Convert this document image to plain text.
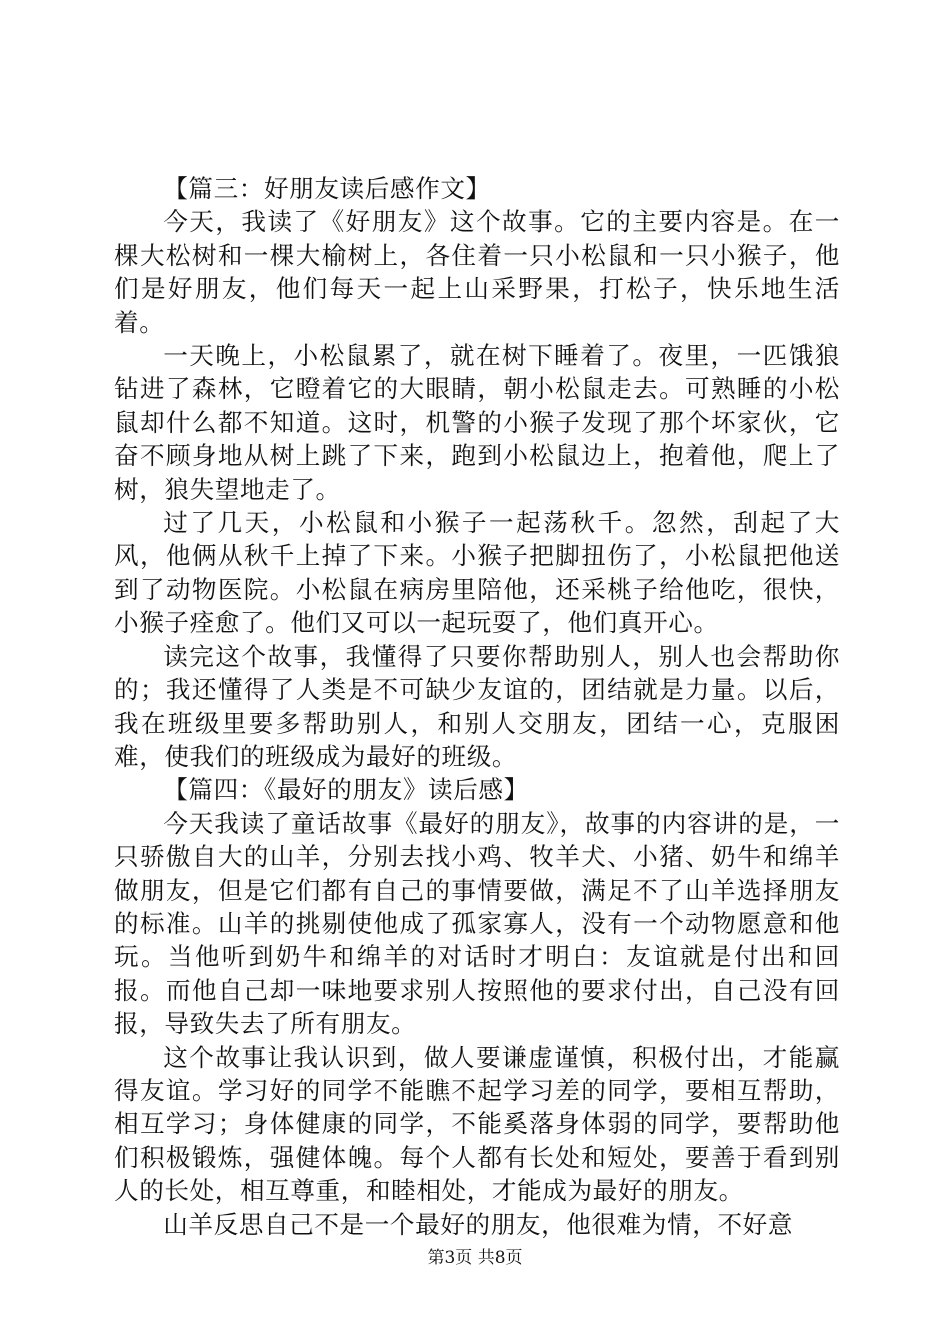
【篇三：好朋友读后感作文】

今天，我读了《好朋友》这个故事。它的主要内容是。在一棵大松树和一棵大榆树上，各住着一只小松鼠和一只小猴子，他们是好朋友，他们每天一起上山采野果，打松子，快乐地生活着。

一天晚上，小松鼠累了，就在树下睡着了。夜里，一匹饿狼钻进了森林，它瞪着它的大眼睛，朝小松鼠走去。可熟睡的小松鼠却什么都不知道。这时，机警的小猴子发现了那个坏家伙，它奋不顾身地从树上跳了下来，跑到小松鼠边上，抱着他，爬上了树，狼失望地走了。

过了几天，小松鼠和小猴子一起荡秋千。忽然，刮起了大风，他俩从秋千上掉了下来。小猴子把脚扭伤了，小松鼠把他送到了动物医院。小松鼠在病房里陪他，还采桃子给他吃，很快，小猴子痊愈了。他们又可以一起玩耍了，他们真开心。

读完这个故事，我懂得了只要你帮助别人，别人也会帮助你的；我还懂得了人类是不可缺少友谊的，团结就是力量。以后，我在班级里要多帮助别人，和别人交朋友，团结一心，克服困难，使我们的班级成为最好的班级。

【篇四：《最好的朋友》读后感】

今天我读了童话故事《最好的朋友》，故事的内容讲的是，一只骄傲自大的山羊，分别去找小鸡、牧羊犬、小猪、奶牛和绵羊做朋友，但是它们都有自己的事情要做，满足不了山羊选择朋友的标准。山羊的挑剔使他成了孤家寡人，没有一个动物愿意和他玩。当他听到奶牛和绵羊的对话时才明白：友谊就是付出和回报。而他自己却一味地要求别人按照他的要求付出，自己没有回报，导致失去了所有朋友。

这个故事让我认识到，做人要谦虚谨慎，积极付出，才能赢得友谊。学习好的同学不能瞧不起学习差的同学，要相互帮助，相互学习；身体健康的同学，不能奚落身体弱的同学，要帮助他们积极锻炼，强健体魄。每个人都有长处和短处，要善于看到别人的长处，相互尊重，和睦相处，才能成为最好的朋友。

山羊反思自己不是一个最好的朋友，他很难为情，不好意

第3页 共8页
